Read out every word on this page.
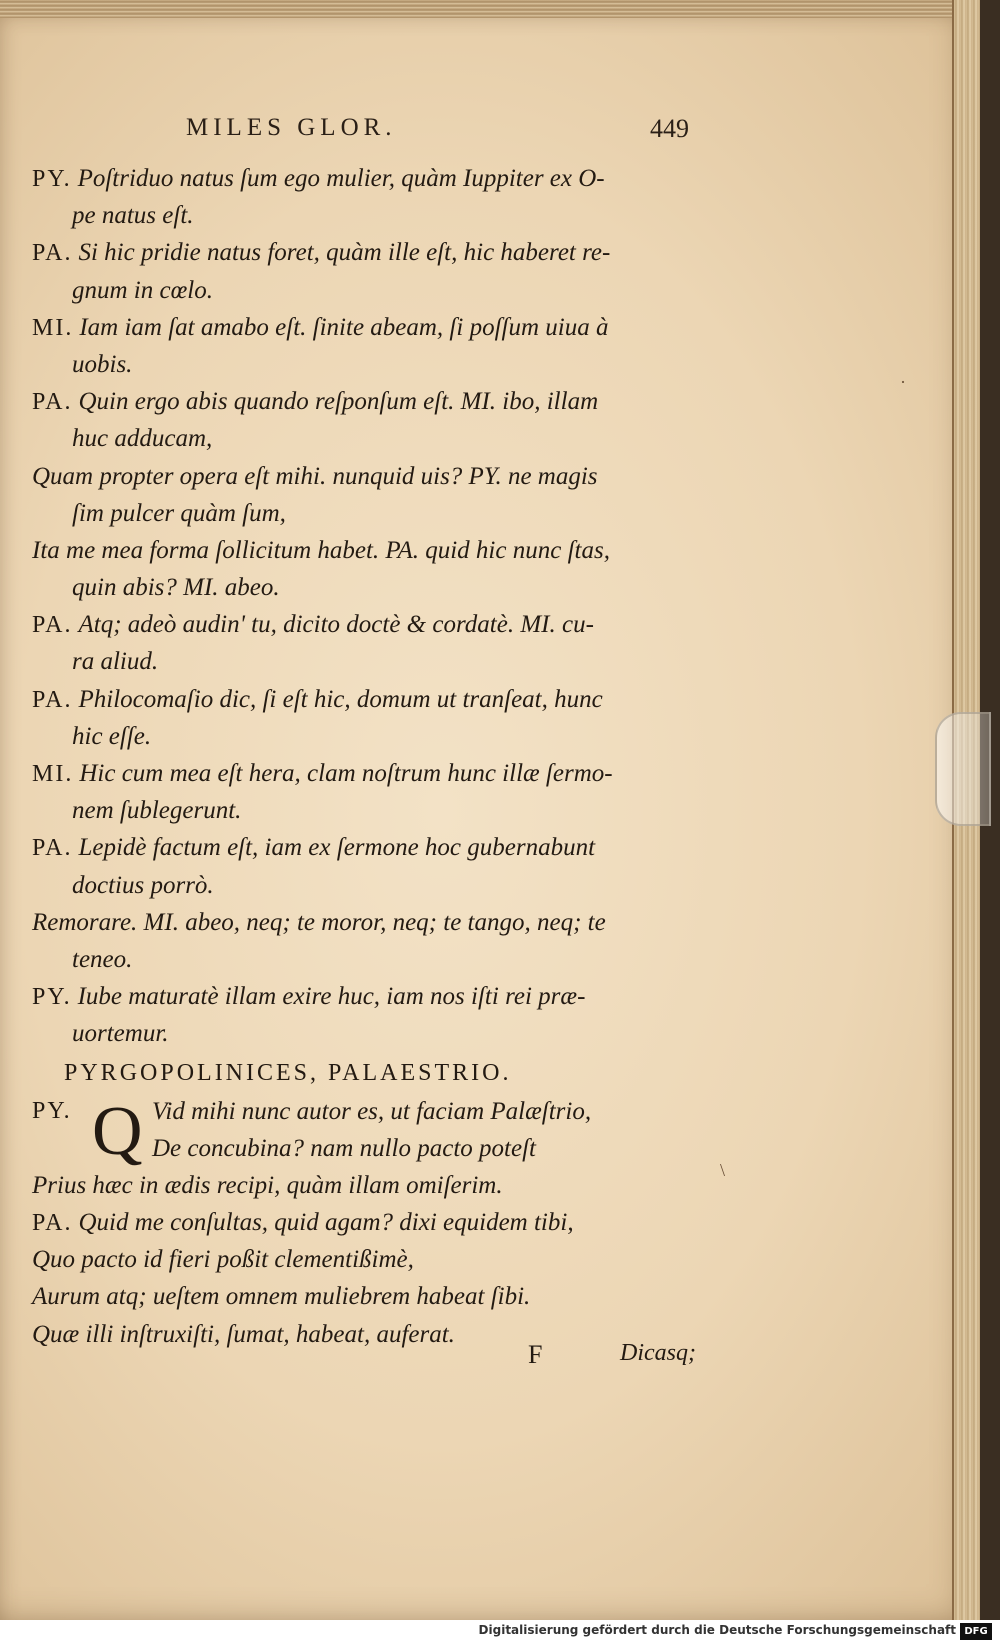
MILES GLOR.	449
PY. Poſtriduo natus ſum ego mulier, quàm Iuppiter ex O-
pe natus eſt.
PA. Si hic pridie natus foret, quàm ille eſt, hic haberet re-
gnum in cœlo.
MI. Iam iam ſat amabo eſt. ſinite abeam, ſi poſſum uiua à
uobis.
PA. Quin ergo abis quando reſponſum eſt. MI. ibo, illam
huc adducam,
Quam propter opera eſt mihi. nunquid uis? PY. ne magis
ſim pulcer quàm ſum,
Ita me mea forma ſollicitum habet. PA. quid hic nunc ſtas,
quin abis? MI. abeo.
PA. Atq; adeò audin' tu, dicito doctè & cordatè. MI. cu-
ra aliud.
PA. Philocomaſio dic, ſi eſt hic, domum ut tranſeat, hunc
hic eſſe.
MI. Hic cum mea eſt hera, clam noſtrum hunc illæ ſermo-
nem ſublegerunt.
PA. Lepidè factum eſt, iam ex ſermone hoc gubernabunt
doctius porrò.
Remorare. MI. abeo, neq; te moror, neq; te tango, neq; te
teneo.
PY. Iube maturatè illam exire huc, iam nos iſti rei præ-
uortemur.
PYRGOPOLINICES, PALAESTRIO.
PY. Q Vid mihi nunc autor es, ut faciam Palæſtrio,
De concubina? nam nullo pacto poteſt
Prius hæc in ædis recipi, quàm illam omiſerim.
PA. Quid me conſultas, quid agam? dixi equidem tibi,
Quo pacto id fieri poßit clementißimè,
Aurum atq; ueſtem omnem muliebrem habeat ſibi.
Quæ illi inſtruxiſti, ſumat, habeat, auferat.
F	Dicasq;
·
\
Digitalisierung gefördert durch die Deutsche Forschungsgemeinschaft DFG
